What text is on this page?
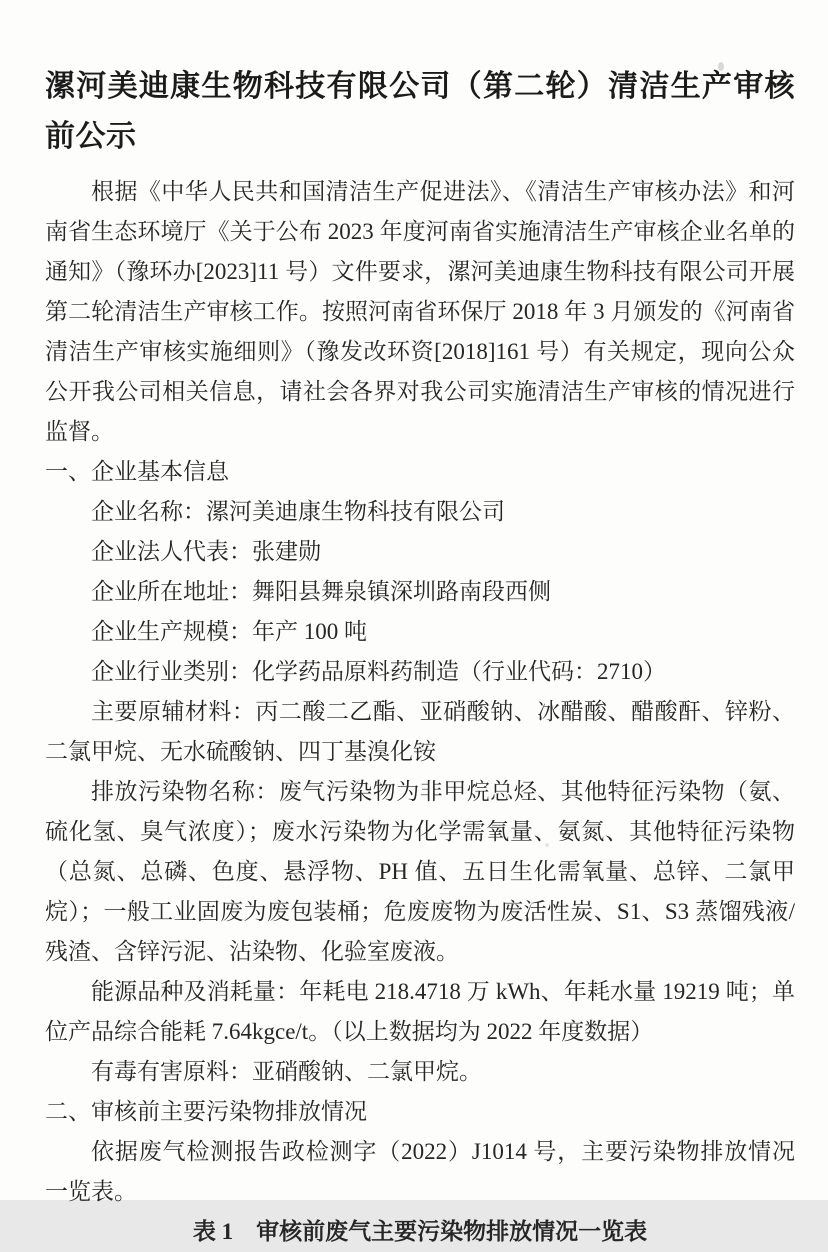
漯河美迪康生物科技有限公司（第二轮）清洁生产审核前公示

根据《中华人民共和国清洁生产促进法》、《清洁生产审核办法》和河南省生态环境厅《关于公布 2023 年度河南省实施清洁生产审核企业名单的通知》（豫环办[2023]11 号）文件要求，漯河美迪康生物科技有限公司开展第二轮清洁生产审核工作。按照河南省环保厅 2018 年 3 月颁发的《河南省清洁生产审核实施细则》（豫发改环资[2018]161 号）有关规定，现向公众公开我公司相关信息，请社会各界对我公司实施清洁生产审核的情况进行监督。

一、企业基本信息

企业名称：漯河美迪康生物科技有限公司

企业法人代表：张建勋

企业所在地址：舞阳县舞泉镇深圳路南段西侧

企业生产规模：年产 100 吨

企业行业类别：化学药品原料药制造（行业代码：2710）

主要原辅材料：丙二酸二乙酯、亚硝酸钠、冰醋酸、醋酸酐、锌粉、二氯甲烷、无水硫酸钠、四丁基溴化铵

排放污染物名称：废气污染物为非甲烷总烃、其他特征污染物（氨、硫化氢、臭气浓度）；废水污染物为化学需氧量、氨氮、其他特征污染物（总氮、总磷、色度、悬浮物、PH 值、五日生化需氧量、总锌、二氯甲烷）；一般工业固废为废包装桶；危废废物为废活性炭、S1、S3 蒸馏残液/残渣、含锌污泥、沾染物、化验室废液。

能源品种及消耗量：年耗电 218.4718 万 kWh、年耗水量 19219 吨；单位产品综合能耗 7.64kgce/t。（以上数据均为 2022 年度数据）

有毒有害原料：亚硝酸钠、二氯甲烷。

二、审核前主要污染物排放情况

依据废气检测报告政检测字（2022）J1014 号，主要污染物排放情况一览表。

表 1　审核前废气主要污染物排放情况一览表
